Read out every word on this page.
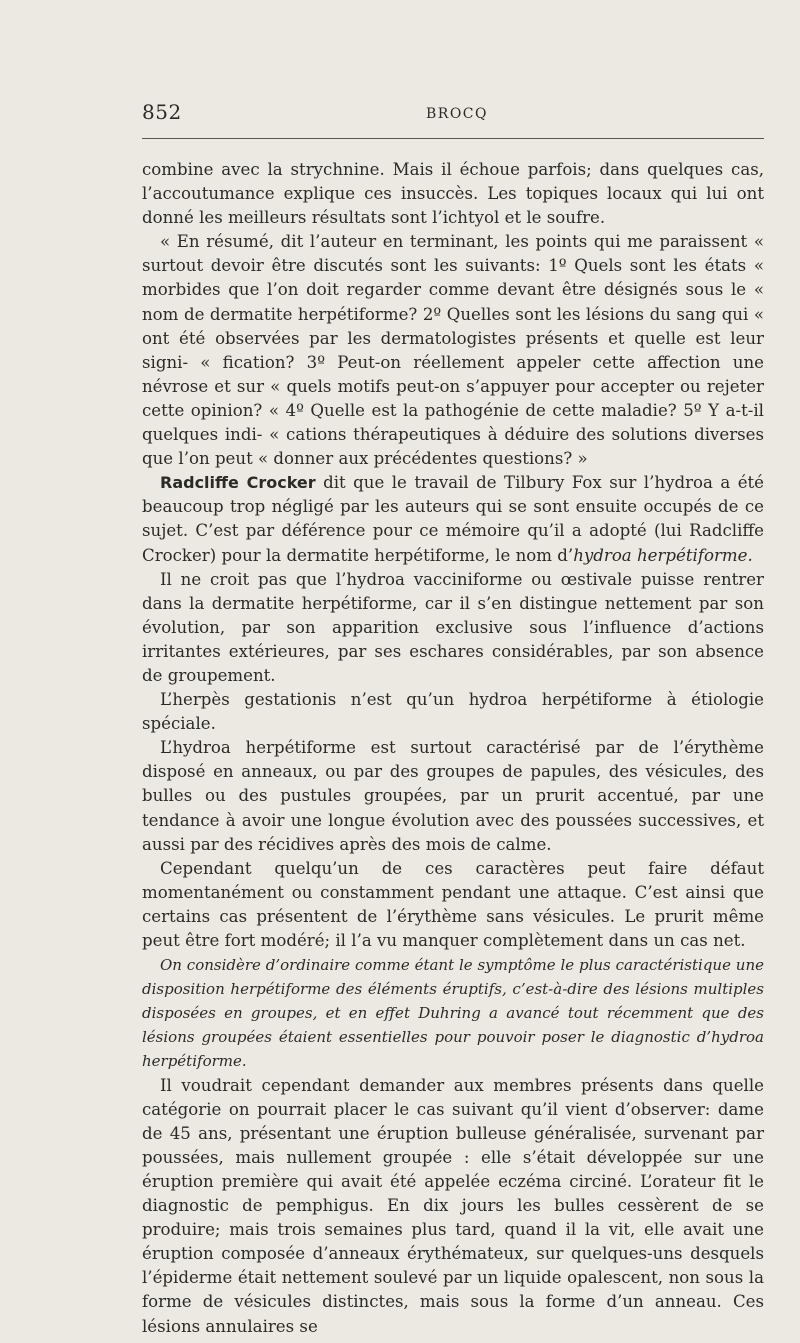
852	BROCQ

combine avec la strychnine. Mais il échoue parfois; dans quelques cas, l’accoutumance explique ces insuccès. Les topiques locaux qui lui ont donné les meilleurs résultats sont l’ichtyol et le soufre.

« En résumé, dit l’auteur en terminant, les points qui me paraissent « surtout devoir être discutés sont les suivants: 1º Quels sont les états « morbides que l’on doit regarder comme devant être désignés sous le « nom de dermatite herpétiforme? 2º Quelles sont les lésions du sang qui « ont été observées par les dermatologistes présents et quelle est leur signi- « fication? 3º Peut-on réellement appeler cette affection une névrose et sur « quels motifs peut-on s’appuyer pour accepter ou rejeter cette opinion? « 4º Quelle est la pathogénie de cette maladie? 5º Y a-t-il quelques indi- « cations thérapeutiques à déduire des solutions diverses que l’on peut « donner aux précédentes questions? »

Radcliffe Crocker dit que le travail de Tilbury Fox sur l’hydroa a été beaucoup trop négligé par les auteurs qui se sont ensuite occupés de ce sujet. C’est par déférence pour ce mémoire qu’il a adopté (lui Radcliffe Crocker) pour la dermatite herpétiforme, le nom d’hydroa herpétiforme.

Il ne croit pas que l’hydroa vacciniforme ou œstivale puisse rentrer dans la dermatite herpétiforme, car il s’en distingue nettement par son évolution, par son apparition exclusive sous l’influence d’actions irritantes extérieures, par ses eschares considérables, par son absence de groupement.

L’herpès gestationis n’est qu’un hydroa herpétiforme à étiologie spéciale.

L’hydroa herpétiforme est surtout caractérisé par de l’érythème disposé en anneaux, ou par des groupes de papules, des vésicules, des bulles ou des pustules groupées, par un prurit accentué, par une tendance à avoir une longue évolution avec des poussées successives, et aussi par des récidives après des mois de calme.

Cependant quelqu’un de ces caractères peut faire défaut momentanément ou constamment pendant une attaque. C’est ainsi que certains cas présentent de l’érythème sans vésicules. Le prurit même peut être fort modéré; il l’a vu manquer complètement dans un cas net.

On considère d’ordinaire comme étant le symptôme le plus caractéristique une disposition herpétiforme des éléments éruptifs, c’est-à-dire des lésions multiples disposées en groupes, et en effet Duhring a avancé tout récemment que des lésions groupées étaient essentielles pour pouvoir poser le diagnostic d’hydroa herpétiforme.

Il voudrait cependant demander aux membres présents dans quelle catégorie on pourrait placer le cas suivant qu’il vient d’observer: dame de 45 ans, présentant une éruption bulleuse généralisée, survenant par poussées, mais nullement groupée : elle s’était développée sur une éruption première qui avait été appelée eczéma circiné. L’orateur fit le diagnostic de pemphigus. En dix jours les bulles cessèrent de se produire; mais trois semaines plus tard, quand il la vit, elle avait une éruption composée d’anneaux érythémateux, sur quelques-uns desquels l’épiderme était nettement soulevé par un liquide opalescent, non sous la forme de vésicules distinctes, mais sous la forme d’un anneau. Ces lésions annulaires se
